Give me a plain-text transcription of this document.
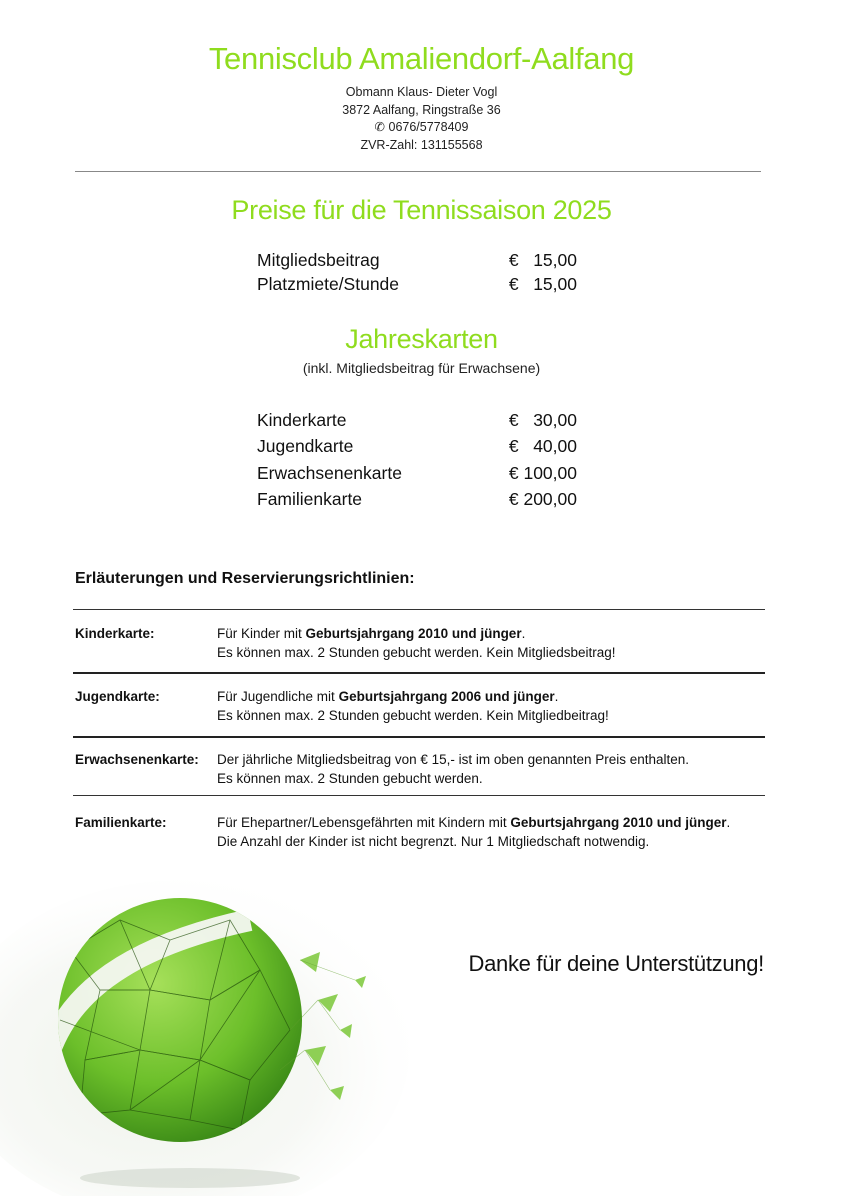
Tennisclub Amaliendorf-Aalfang
Obmann Klaus- Dieter Vogl
3872 Aalfang, Ringstraße 36
✆ 0676/5778409
ZVR-Zahl: 131155568
Preise für die Tennissaison 2025
Mitgliedsbeitrag	€   15,00
Platzmiete/Stunde	€   15,00
Jahreskarten
(inkl. Mitgliedsbeitrag für Erwachsene)
Kinderkarte	€   30,00
Jugendkarte	€   40,00
Erwachsenenkarte	€ 100,00
Familienkarte	€ 200,00
Erläuterungen und Reservierungsrichtlinien:
Kinderkarte:	Für Kinder mit Geburtsjahrgang 2010 und jünger.
Es können max. 2 Stunden gebucht werden. Kein Mitgliedsbeitrag!
Jugendkarte:	Für Jugendliche mit Geburtsjahrgang 2006 und jünger.
Es können max. 2 Stunden gebucht werden. Kein Mitgliedbeitrag!
Erwachsenenkarte: Der jährliche Mitgliedsbeitrag von € 15,- ist im oben genannten Preis enthalten.
Es können max. 2 Stunden gebucht werden.
Familienkarte:	Für Ehepartner/Lebensgefährten mit Kindern mit Geburtsjahrgang 2010 und jünger.
Die Anzahl der Kinder ist nicht begrenzt. Nur 1 Mitgliedschaft notwendig.
Danke für deine Unterstützung!
